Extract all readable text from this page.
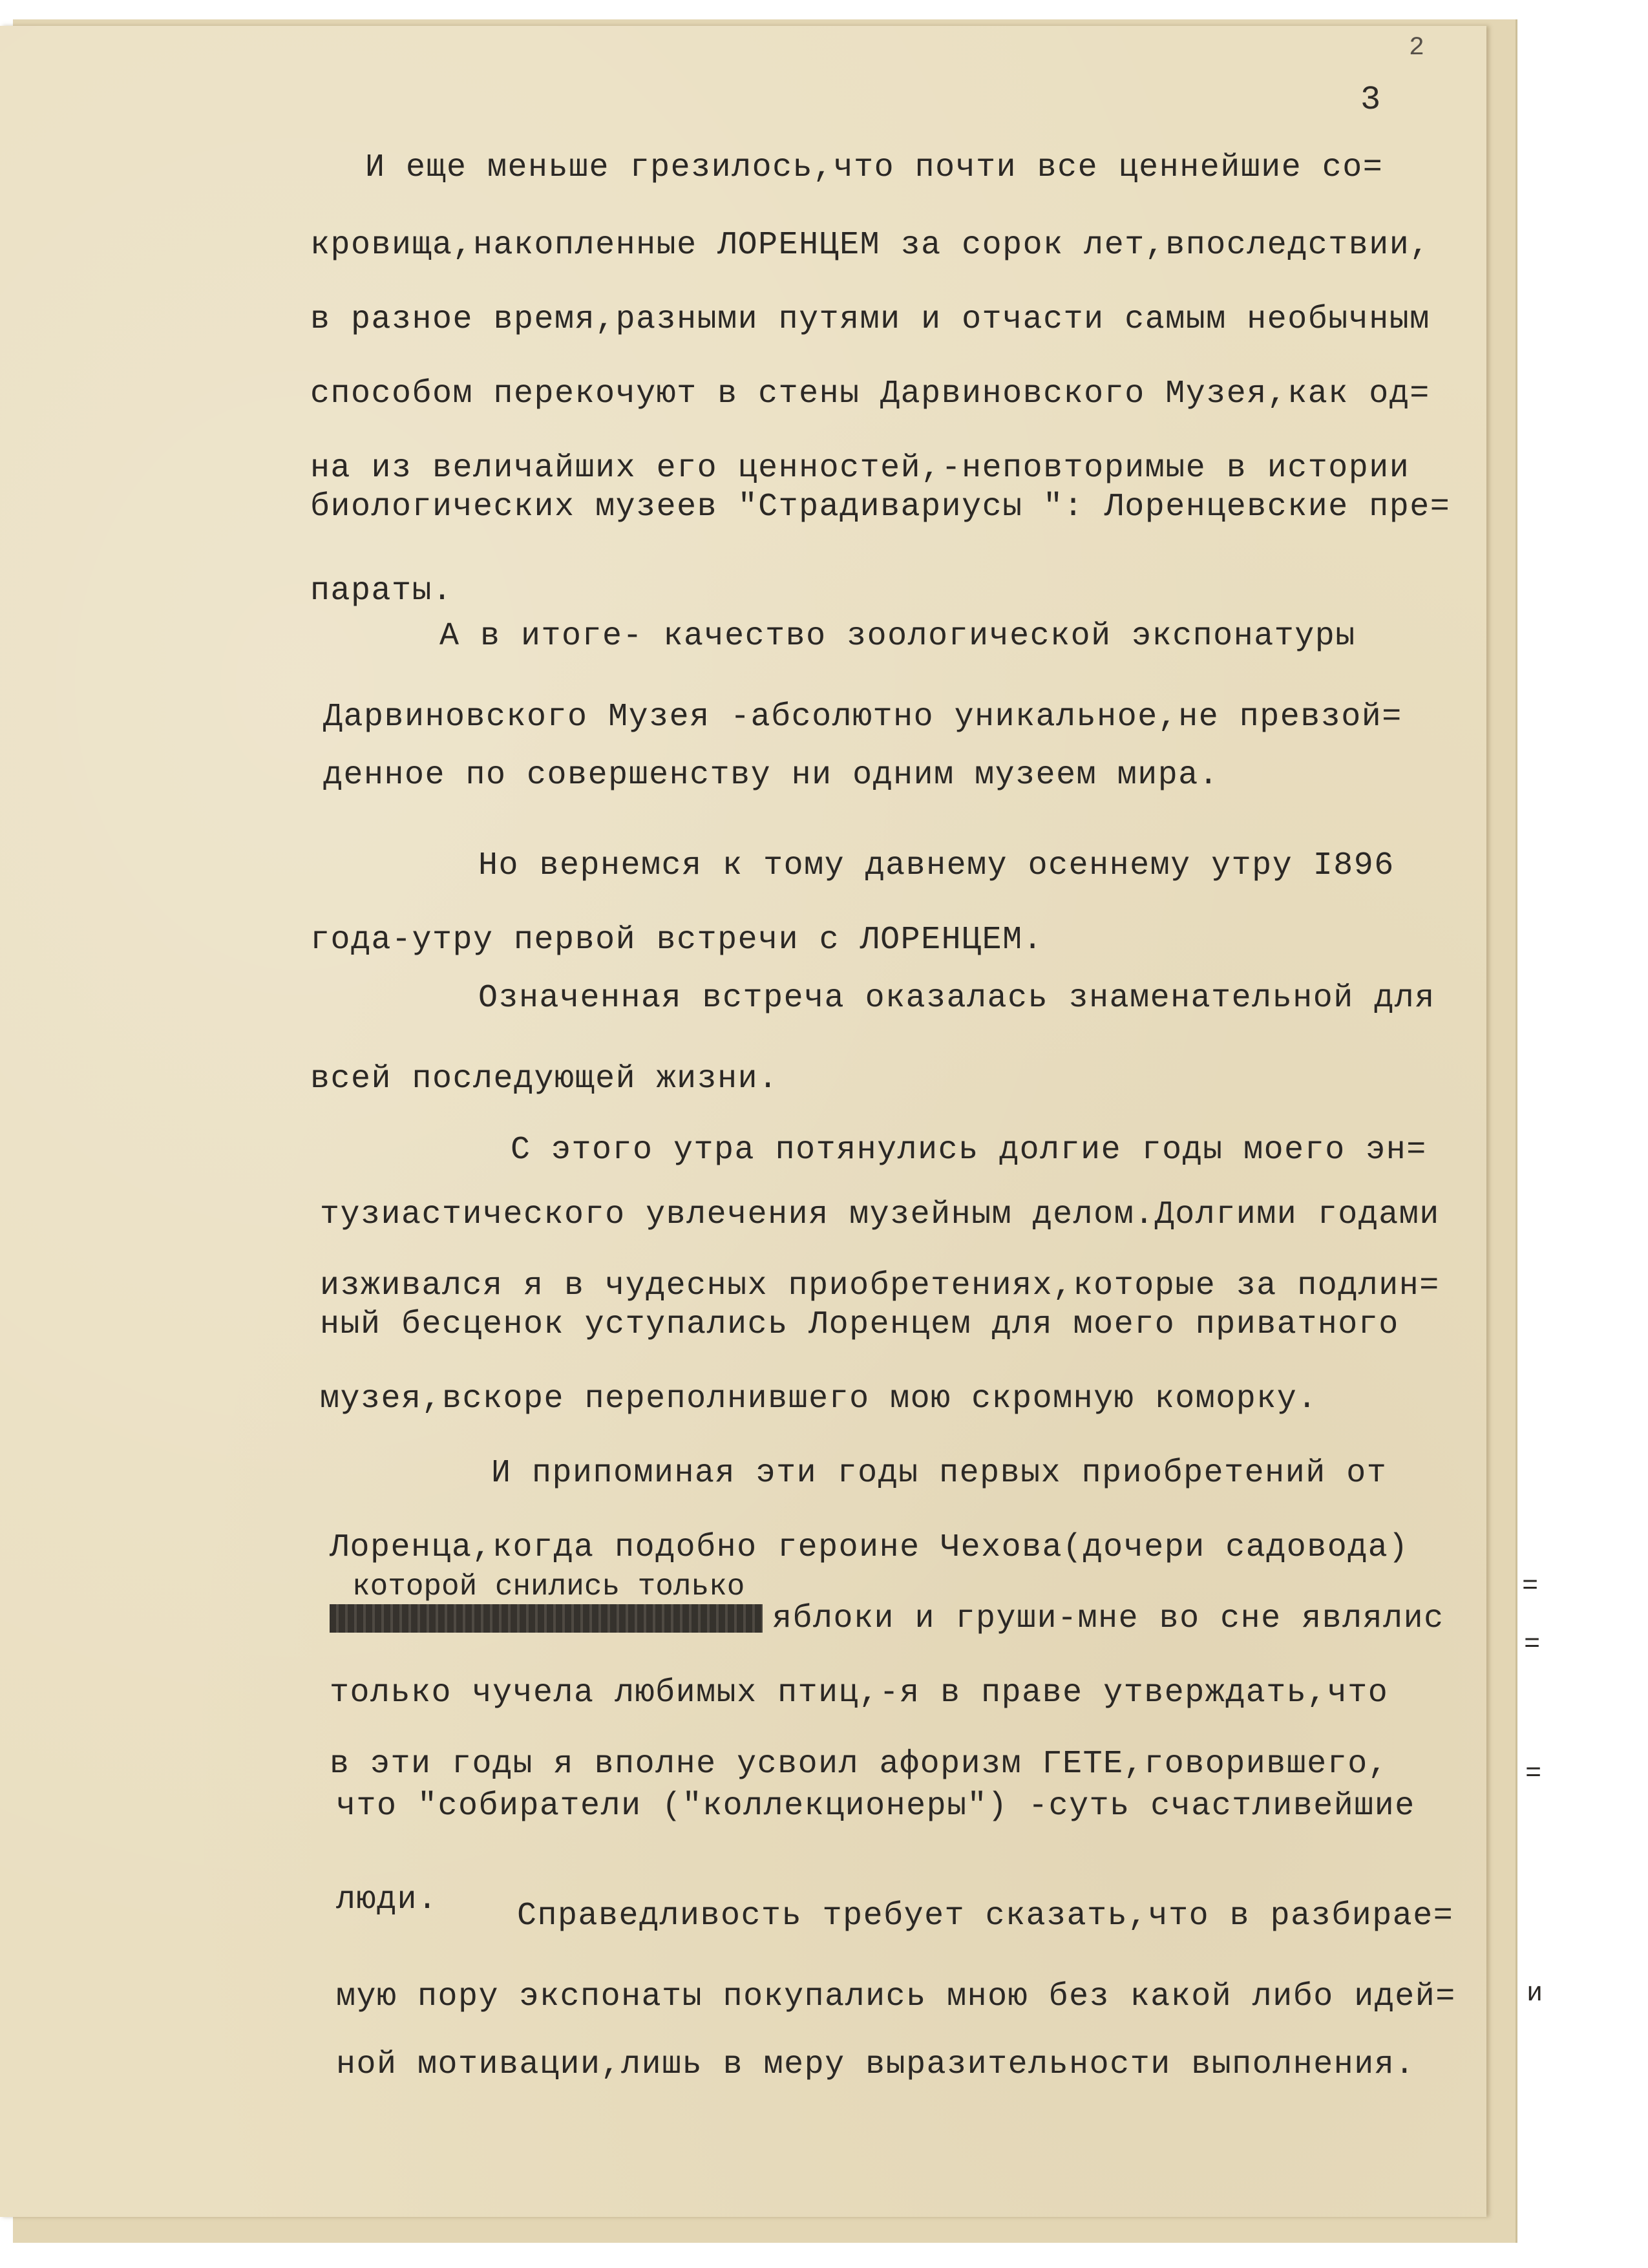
2
3
И еще меньше грезилось,что почти все ценнейшие со=
кровища,накопленные ЛОРЕНЦЕМ за сорок лет,впоследствии,
в разное время,разными путями и отчасти самым необычным
способом перекочуют в стены Дарвиновского Музея,как од=
на из величайших его ценностей,-неповторимые в истории
биологических музеев "Страдивариусы ": Лоренцевские пре=
параты.
А в итоге- качество зоологической экспонатуры
Дарвиновского Музея -абсолютно уникальное,не превзой=
денное по совершенству ни одним музеем мира.
Но вернемся к тому давнему осеннему утру I896
года-утру первой встречи с ЛОРЕНЦЕМ.
Означенная встреча оказалась знаменательной для
всей последующей жизни.
С этого утра потянулись долгие годы моего эн=
тузиастического увлечения музейным делом.Долгими годами
изживался я в чудесных приобретениях,которые за подлин=
ный бесценок уступались Лоренцем для моего приватного
музея,вскоре переполнившего мою скромную коморку.
И припоминая эти годы первых приобретений от
Лоренца,когда подобно героине Чехова(дочери садовода)
которой снились только
яблоки и груши-мне во сне являлис
только чучела любимых птиц,-я в праве утверждать,что
в эти годы я вполне усвоил афоризм ГЕТЕ,говорившего,
что "собиратели ("коллекционеры") -суть счастливейшие
люди. Справедливость требует сказать,что в разбирае=
мую пору экспонаты покупались мною без какой либо идей=
ной мотивации,лишь в меру выразительности выполнения.
=
=
=
и
